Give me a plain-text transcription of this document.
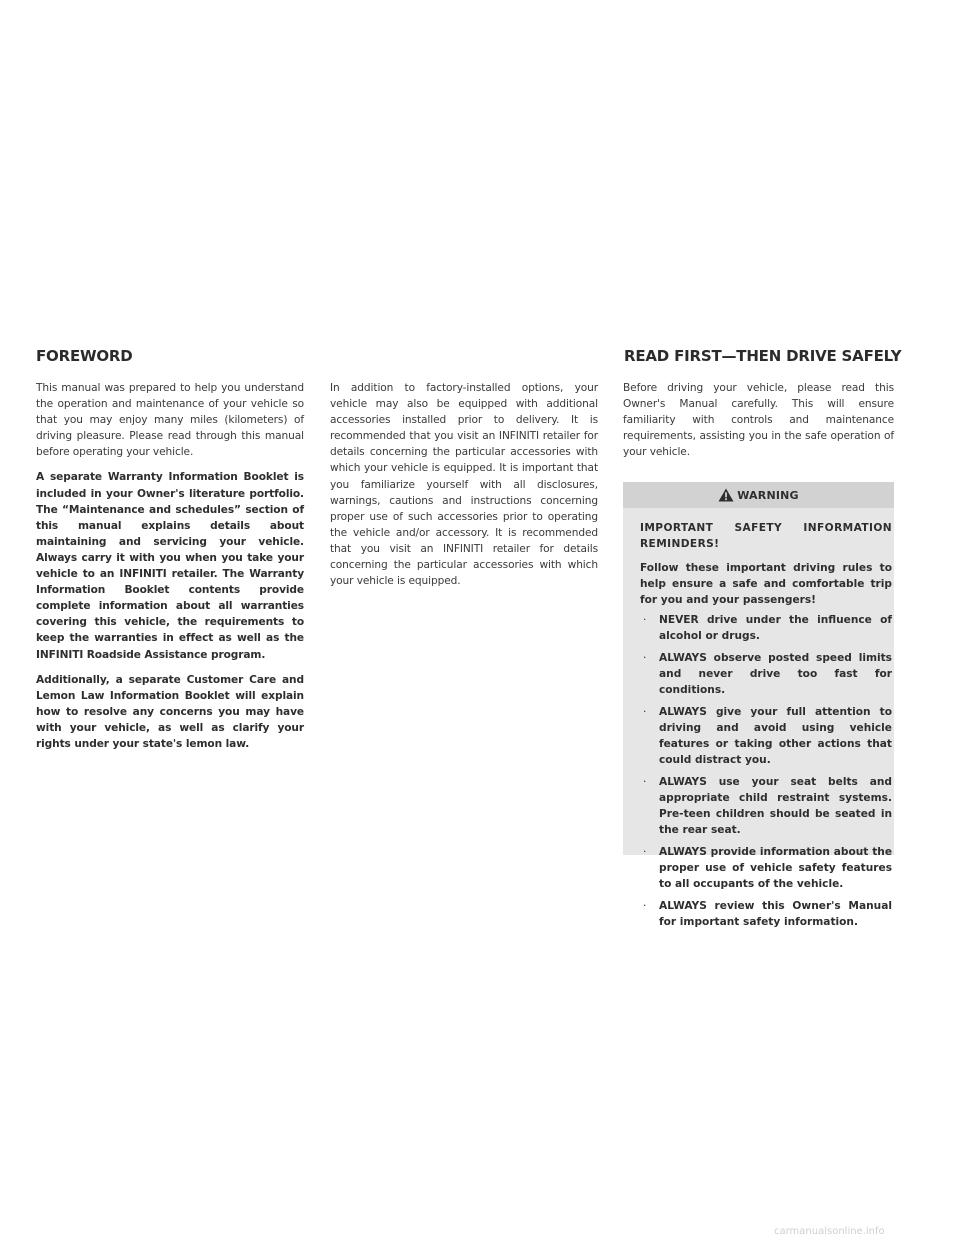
FOREWORD	READ FIRST—THEN DRIVE SAFELY

This manual was prepared to help you understand the operation and maintenance of your vehicle so that you may enjoy many miles (kilometers) of driving pleasure. Please read through this manual before operating your vehicle.

A separate Warranty Information Booklet is included in your Owner's literature portfolio. The “Maintenance and schedules” section of this manual explains details about maintaining and servicing your vehicle. Always carry it with you when you take your vehicle to an INFINITI retailer. The Warranty Information Booklet contents provide complete information about all warranties covering this vehicle, the requirements to keep the warranties in effect as well as the INFINITI Roadside Assistance program.

Additionally, a separate Customer Care and Lemon Law Information Booklet will explain how to resolve any concerns you may have with your vehicle, as well as clarify your rights under your state's lemon law.

In addition to factory-installed options, your vehicle may also be equipped with additional accessories installed prior to delivery. It is recommended that you visit an INFINITI retailer for details concerning the particular accessories with which your vehicle is equipped. It is important that you familiarize yourself with all disclosures, warnings, cautions and instructions concerning proper use of such accessories prior to operating the vehicle and/or accessory. It is recommended that you visit an INFINITI retailer for details concerning the particular accessories with which your vehicle is equipped.

Before driving your vehicle, please read this Owner's Manual carefully. This will ensure familiarity with controls and maintenance requirements, assisting you in the safe operation of your vehicle.

WARNING

IMPORTANT SAFETY INFORMATION REMINDERS!

Follow these important driving rules to help ensure a safe and comfortable trip for you and your passengers!

· NEVER drive under the influence of alcohol or drugs.
· ALWAYS observe posted speed limits and never drive too fast for conditions.
· ALWAYS give your full attention to driving and avoid using vehicle features or taking other actions that could distract you.
· ALWAYS use your seat belts and appropriate child restraint systems. Pre-teen children should be seated in the rear seat.
· ALWAYS provide information about the proper use of vehicle safety features to all occupants of the vehicle.
· ALWAYS review this Owner's Manual for important safety information.
carmanualsonline.info
